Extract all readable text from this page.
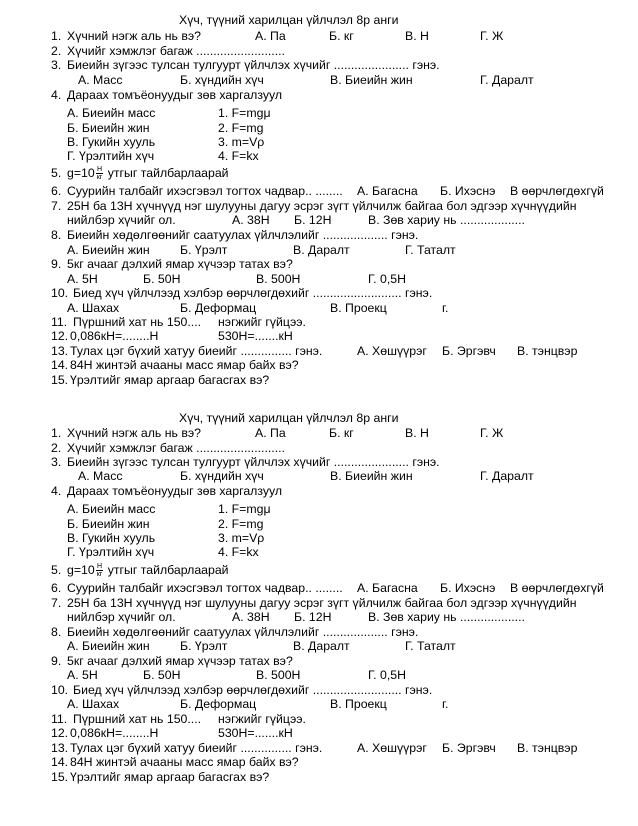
Хүч, түүний харилцан үйлчлэл 8р анги
1. Хүчний нэгж аль нь вэ?	А. Па	Б. кг	В. Н	Г. Ж
2. Хүчийг хэмжлэг багаж ..........................
3. Биеийн зүгээс тулсан тулгуурт үйлчлэх хүчийг ...................... гэнэ.
А. Масс	Б. хүндийн хүч	В. Биеийн жин	Г. Даралт
4. Дараах томъёонуудыг зөв харгалзуул
А. Биеийн масс	1. F=mgμ
Б. Биеийн жин	2. F=mg
В. Гукийн хууль	3. m=Vρ
Г. Үрэлтийн хүч	4. F=kx
5. $g=10 \frac{Н}{кг}$ утгыг тайлбарлаарай
6. Суурийн талбайг ихэсгэвэл тогтох чадвар.. ........ А. Багасна Б. Ихэснэ В өөрчлөгдөхгүй
7. 25Н ба 13Н хүчнүүд нэг шулууны дагуу эсрэг зүгт үйлчилж байгаа бол эдгээр хүчнүүдийн
нийлбэр хүчийг ол.	А. 38Н Б. 12Н	В. Зөв хариу нь ...................
8. Биеийн хөдөлгөөнийг саатуулах үйлчлэлийг ................... гэнэ.
А. Биеийн жин Б. Үрэлт	В. Даралт	Г. Таталт
9. 5кг ачааг дэлхий ямар хүчээр татах вэ?
А. 5Н	Б. 50Н	В. 500Н	Г. 0,5Н
10. Биед хүч үйлчлээд хэлбэр өөрчлөгдөхийг .......................... гэнэ.
А. Шахах	Б. Деформац	В. Проекц	г.
11. Пүршний хат нь 150.... нэгжийг гүйцээ.
12. 0,086кН=........Н	530Н=.......кН
13. Тулах цэг бүхий хатуу биеийг ............... гэнэ.	А. Хөшүүрэг Б. Эргэвч В. тэнцвэр
14. 84Н жинтэй ачааны масс ямар байх вэ?
15. Үрэлтийг ямар аргаар багасгах вэ?
Хүч, түүний харилцан үйлчлэл 8р анги
1. Хүчний нэгж аль нь вэ?	А. Па	Б. кг	В. Н	Г. Ж
2. Хүчийг хэмжлэг багаж ..........................
3. Биеийн зүгээс тулсан тулгуурт үйлчлэх хүчийг ...................... гэнэ.
А. Масс	Б. хүндийн хүч	В. Биеийн жин	Г. Даралт
4. Дараах томъёонуудыг зөв харгалзуул
А. Биеийн масс	1. F=mgμ
Б. Биеийн жин	2. F=mg
В. Гукийн хууль	3. m=Vρ
Г. Үрэлтийн хүч	4. F=kx
5. $g=10 \frac{Н}{кг}$ утгыг тайлбарлаарай
6. Суурийн талбайг ихэсгэвэл тогтох чадвар.. ........ А. Багасна Б. Ихэснэ В өөрчлөгдөхгүй
7. 25Н ба 13Н хүчнүүд нэг шулууны дагуу эсрэг зүгт үйлчилж байгаа бол эдгээр хүчнүүдийн
нийлбэр хүчийг ол.	А. 38Н Б. 12Н	В. Зөв хариу нь ...................
8. Биеийн хөдөлгөөнийг саатуулах үйлчлэлийг ................... гэнэ.
А. Биеийн жин Б. Үрэлт	В. Даралт	Г. Таталт
9. 5кг ачааг дэлхий ямар хүчээр татах вэ?
А. 5Н	Б. 50Н	В. 500Н	Г. 0,5Н
10. Биед хүч үйлчлээд хэлбэр өөрчлөгдөхийг .......................... гэнэ.
А. Шахах	Б. Деформац	В. Проекц	г.
11. Пүршний хат нь 150.... нэгжийг гүйцээ.
12. 0,086кН=........Н	530Н=.......кН
13. Тулах цэг бүхий хатуу биеийг ............... гэнэ.	А. Хөшүүрэг Б. Эргэвч В. тэнцвэр
14. 84Н жинтэй ачааны масс ямар байх вэ?
15. Үрэлтийг ямар аргаар багасгах вэ?
